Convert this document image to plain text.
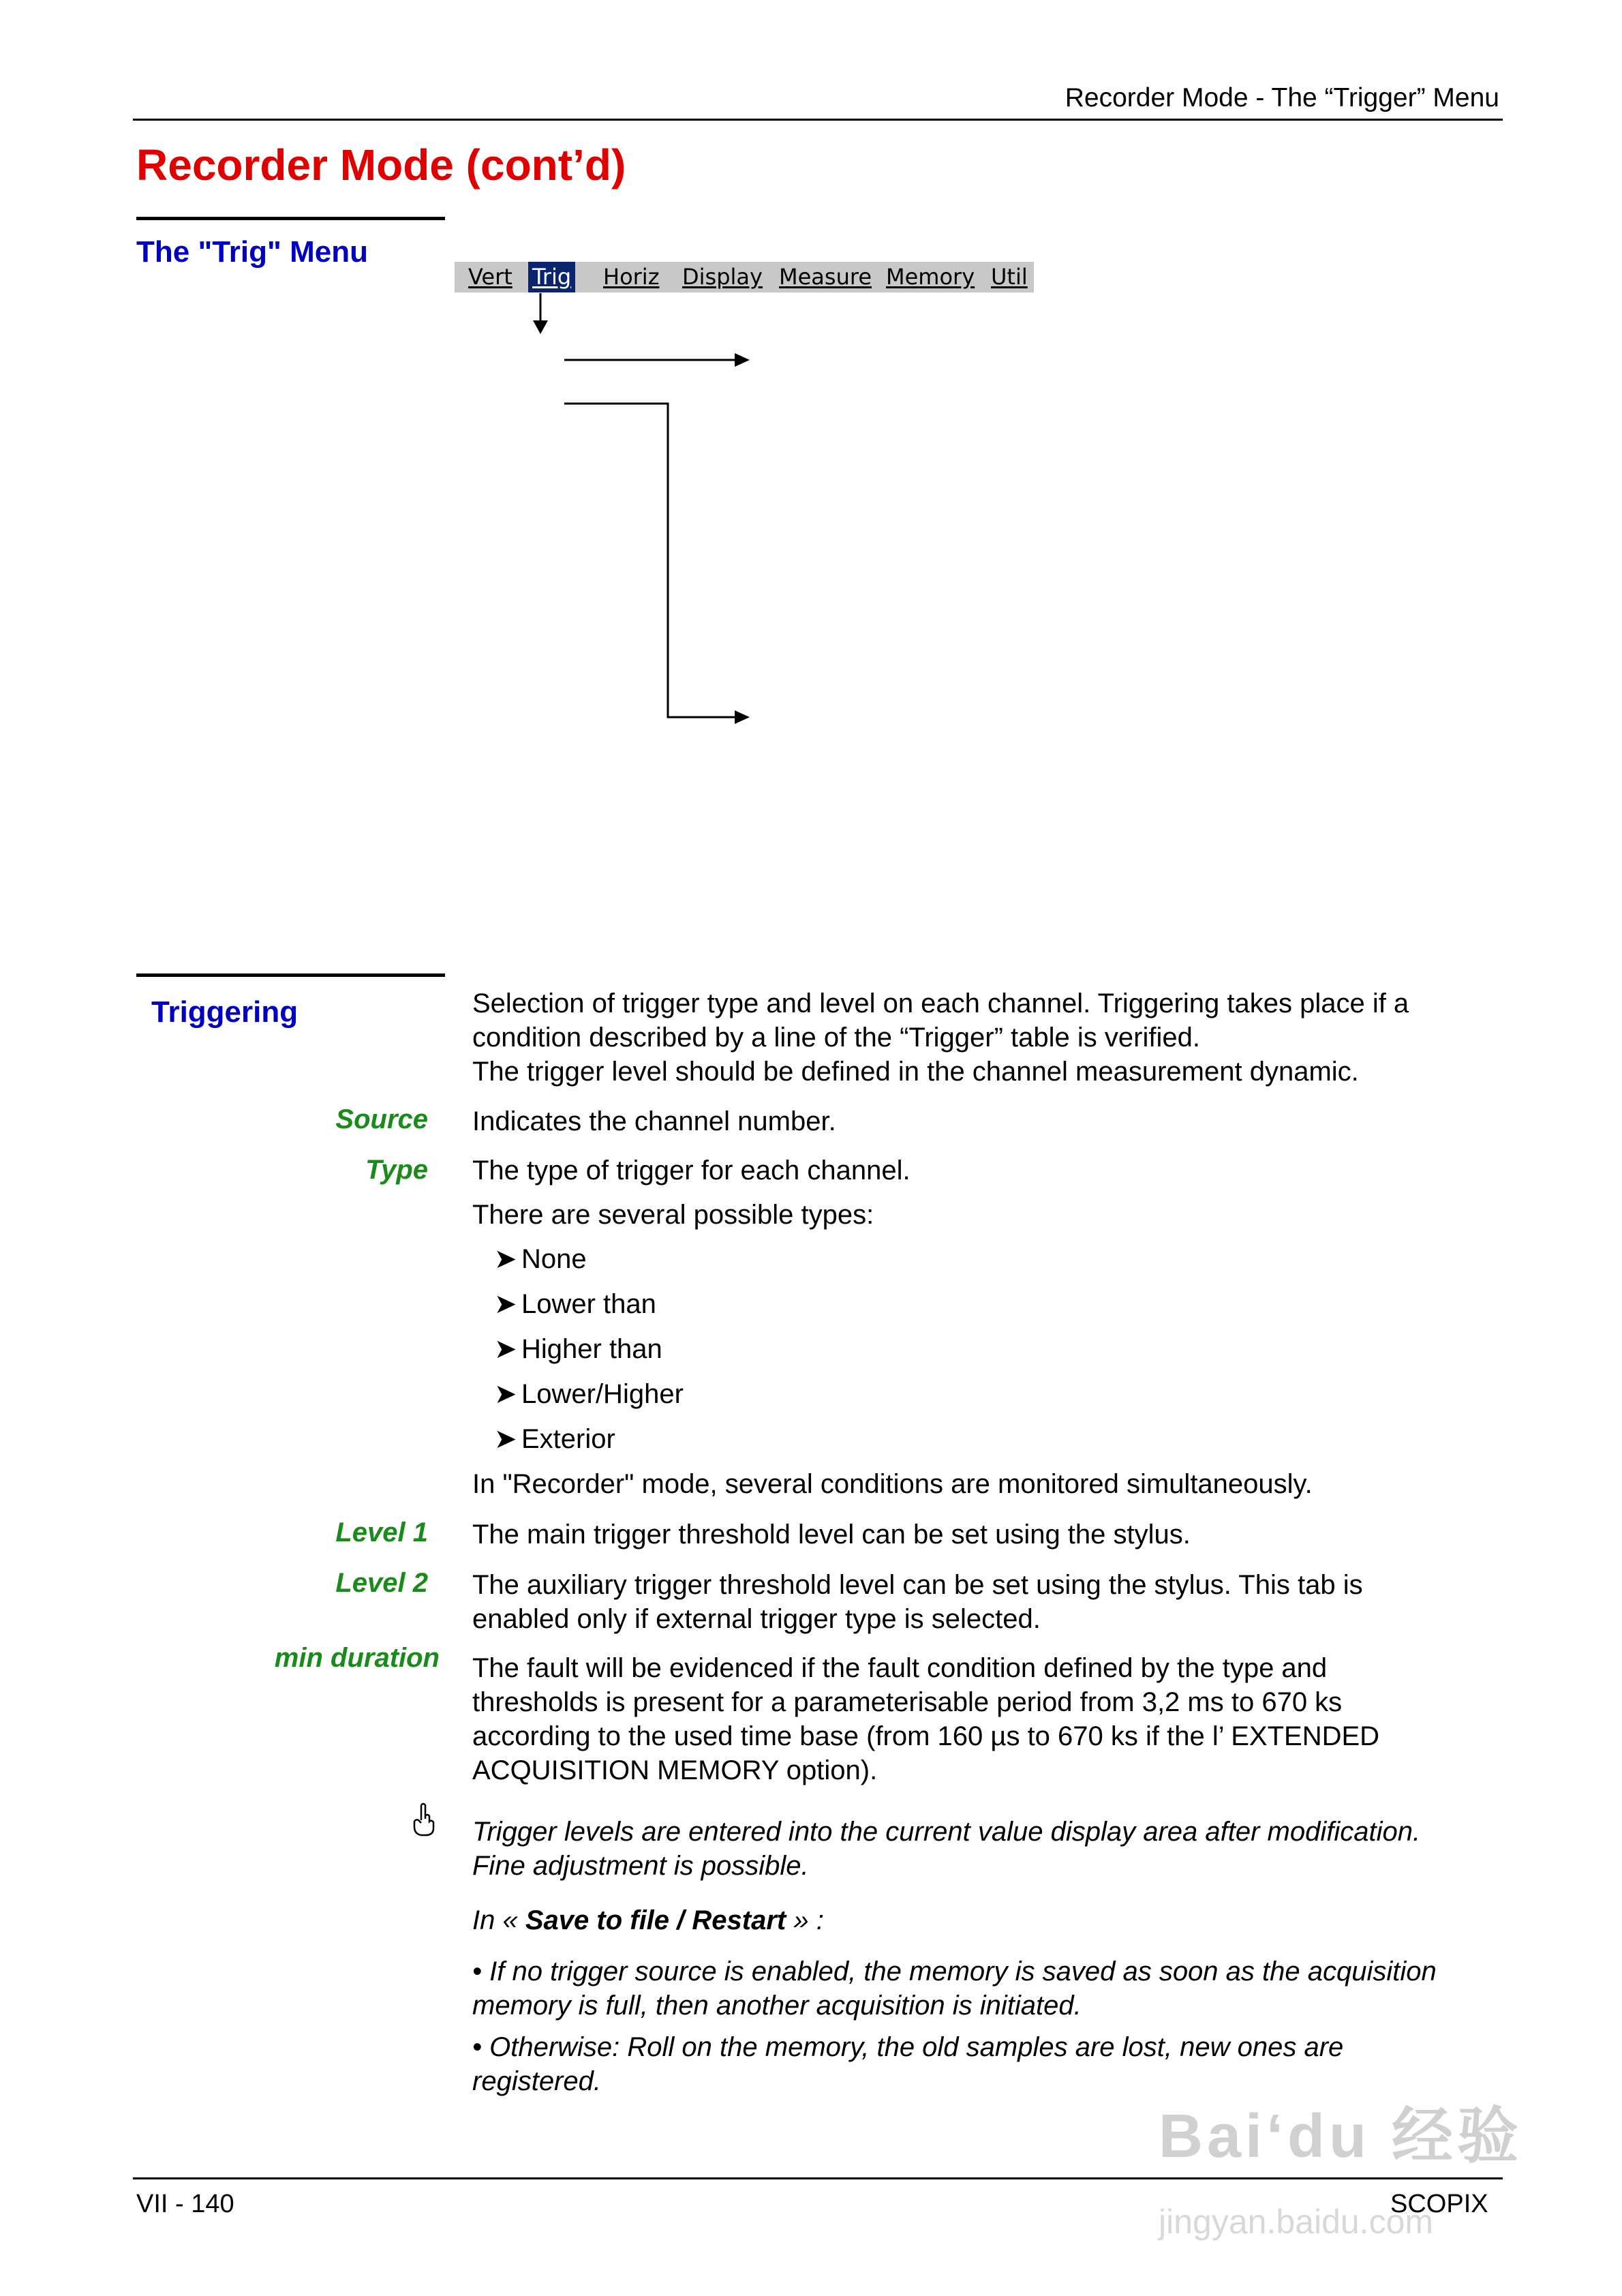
Recorder Mode - The “Trigger” Menu
Recorder Mode (cont’d)
The "Trig" Menu
Vert Trig Horiz Display Measure Memory Util
Triggering	Selection of trigger type and level on each channel. Triggering takes place if a
condition described by a line of the “Trigger” table is verified.
The trigger level should be defined in the channel measurement dynamic.
Source Indicates the channel number.
Type The type of trigger for each channel.
There are several possible types:
➤ None
➤ Lower than
➤ Higher than
➤ Lower/Higher
➤ Exterior
In "Recorder" mode, several conditions are monitored simultaneously.
Level 1 The main trigger threshold level can be set using the stylus.
Level 2 The auxiliary trigger threshold level can be set using the stylus. This tab is
enabled only if external trigger type is selected.
min duration The fault will be evidenced if the fault condition defined by the type and
thresholds is present for a parameterisable period from 3,2 ms to 670 ks
according to the used time base (from 160 µs to 670 ks if the l’ EXTENDED
ACQUISITION MEMORY option).
Trigger levels are entered into the current value display area after modification.
Fine adjustment is possible.
In « Save to file / Restart » :
• If no trigger source is enabled, the memory is saved as soon as the acquisition
memory is full, then another acquisition is initiated.
• Otherwise: Roll on the memory, the old samples are lost, new ones are
registered.
VII - 140	SCOPIX
Bai‘du 经验
jingyan.baidu.com
